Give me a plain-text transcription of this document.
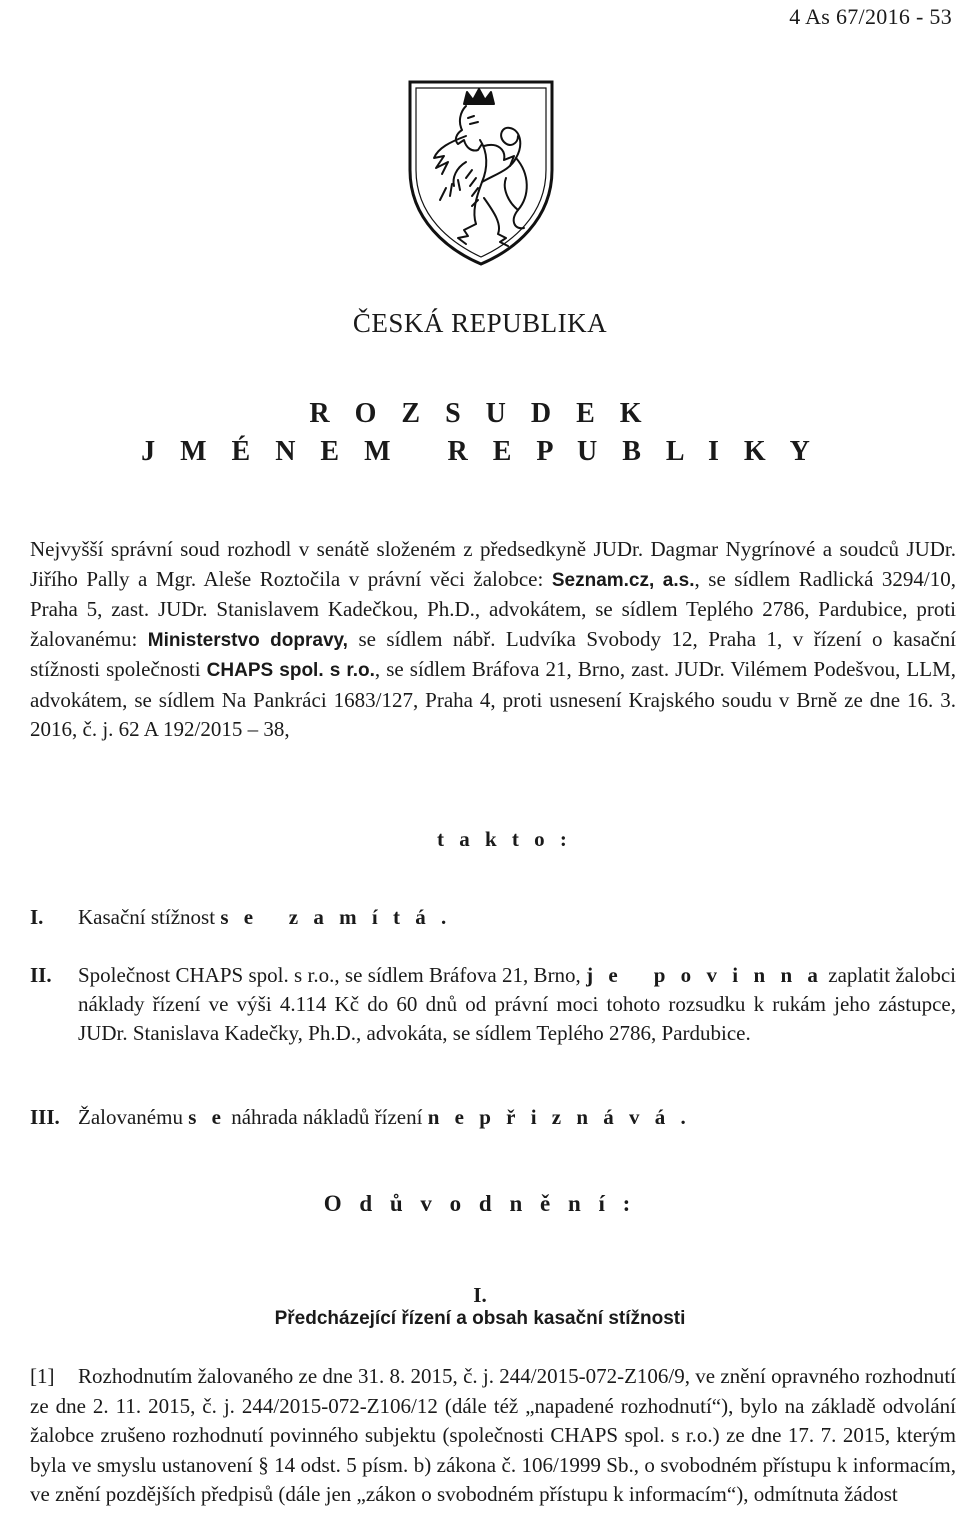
4 As 67/2016 - 53
ČESKÁ REPUBLIKA
R O Z S U D E K
J M É N E M   R E P U B L I K Y

Nejvyšší správní soud rozhodl v senátě složeném z předsedkyně JUDr. Dagmar Nygrínové a soudců JUDr. Jiřího Pally a Mgr. Aleše Roztočila v právní věci žalobce: Seznam.cz, a.s., se sídlem Radlická 3294/10, Praha 5, zast. JUDr. Stanislavem Kadečkou, Ph.D., advokátem, se sídlem Teplého 2786, Pardubice, proti žalovanému: Ministerstvo dopravy, se sídlem nábř. Ludvíka Svobody 12, Praha 1, v řízení o kasační stížnosti společnosti CHAPS spol. s r.o., se sídlem Bráfova 21, Brno, zast. JUDr. Vilémem Podešvou, LLM, advokátem, se sídlem Na Pankráci 1683/127, Praha 4, proti usnesení Krajského soudu v Brně ze dne 16. 3. 2016, č. j. 62 A 192/2015 – 38,

t a k t o :
I. Kasační stížnost s e   z a m í t á .

II. Společnost CHAPS spol. s r.o., se sídlem Bráfova 21, Brno, j e   p o v i n n a zaplatit žalobci náklady řízení ve výši 4.114 Kč do 60 dnů od právní moci tohoto rozsudku k rukám jeho zástupce, JUDr. Stanislava Kadečky, Ph.D., advokáta, se sídlem Teplého 2786, Pardubice.

III. Žalovanému s e náhrada nákladů řízení n e p ř i z n á v á .

O d ů v o d n ě n í :
I.
Předcházející řízení a obsah kasační stížnosti

[1] Rozhodnutím žalovaného ze dne 31. 8. 2015, č. j. 244/2015-072-Z106/9, ve znění opravného rozhodnutí ze dne 2. 11. 2015, č. j. 244/2015-072-Z106/12 (dále též „napadené rozhodnutí“), bylo na základě odvolání žalobce zrušeno rozhodnutí povinného subjektu (společnosti CHAPS spol. s r.o.) ze dne 17. 7. 2015, kterým byla ve smyslu ustanovení § 14 odst. 5 písm. b) zákona č. 106/1999 Sb., o svobodném přístupu k informacím, ve znění pozdějších předpisů (dále jen „zákon o svobodném přístupu k informacím“), odmítnuta žádost
